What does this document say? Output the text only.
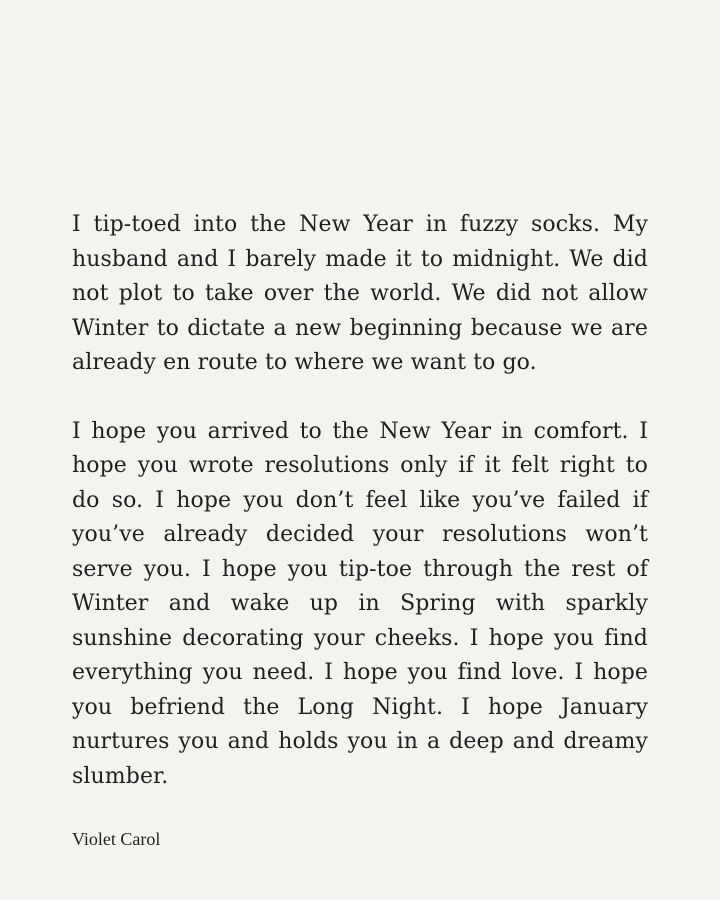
I tip-toed into the New Year in fuzzy socks. My husband and I barely made it to midnight. We did not plot to take over the world. We did not allow Winter to dictate a new beginning because we are already en route to where we want to go.

I hope you arrived to the New Year in comfort. I hope you wrote resolutions only if it felt right to do so. I hope you don’t feel like you’ve failed if you’ve already decided your resolutions won’t serve you. I hope you tip-toe through the rest of Winter and wake up in Spring with sparkly sunshine decorating your cheeks. I hope you find everything you need. I hope you find love. I hope you befriend the Long Night. I hope January nurtures you and holds you in a deep and dreamy slumber.

Violet Carol
